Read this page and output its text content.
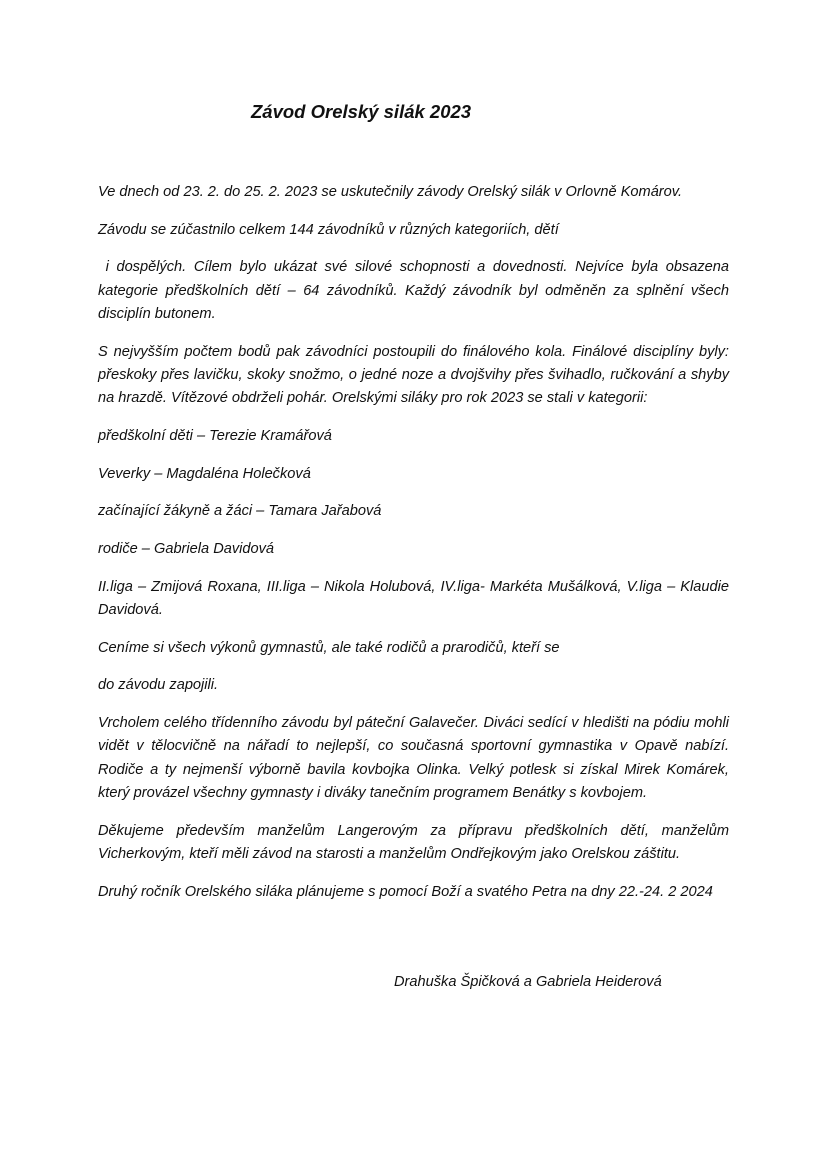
Závod Orelský silák 2023

Ve dnech od 23. 2. do 25. 2. 2023 se uskutečnily závody Orelský silák v Orlovně Komárov.

Závodu se zúčastnilo celkem 144 závodníků v různých kategoriích, dětí

i dospělých. Cílem bylo ukázat své silové schopnosti a dovednosti. Nejvíce byla obsazena kategorie předškolních dětí – 64 závodníků. Každý závodník byl odměněn za splnění všech disciplín butonem.

S nejvyšším počtem bodů pak závodníci postoupili do finálového kola. Finálové disciplíny byly: přeskoky přes lavičku, skoky snožmo, o jedné noze a dvojšvihy přes švihadlo, ručkování a shyby na hrazdě. Vítězové obdrželi pohár. Orelskými siláky pro rok 2023 se stali v kategorii:

předškolní děti – Terezie Kramářová

Veverky – Magdaléna Holečková

začínající žákyně a žáci – Tamara Jařabová

rodiče – Gabriela Davidová

II.liga – Zmijová Roxana, III.liga – Nikola Holubová, IV.liga- Markéta Mušálková, V.liga – Klaudie Davidová.

Ceníme si všech výkonů gymnastů, ale také rodičů a prarodičů, kteří se

do závodu zapojili.

Vrcholem celého třídenního závodu byl páteční Galavečer. Diváci sedící v hledišti na pódiu mohli vidět v tělocvičně na nářadí to nejlepší, co současná sportovní gymnastika v Opavě nabízí. Rodiče a ty nejmenší výborně bavila kovbojka Olinka. Velký potlesk si získal Mirek Komárek, který provázel všechny gymnasty i diváky tanečním programem Benátky s kovbojem.

Děkujeme především manželům Langerovým za přípravu předškolních dětí, manželům Vicherkovým, kteří měli závod na starosti a manželům Ondřejkovým jako Orelskou záštitu.

Druhý ročník Orelského siláka plánujeme s pomocí Boží a svatého Petra na dny 22.-24. 2 2024

Drahuška Špičková a Gabriela Heiderová
